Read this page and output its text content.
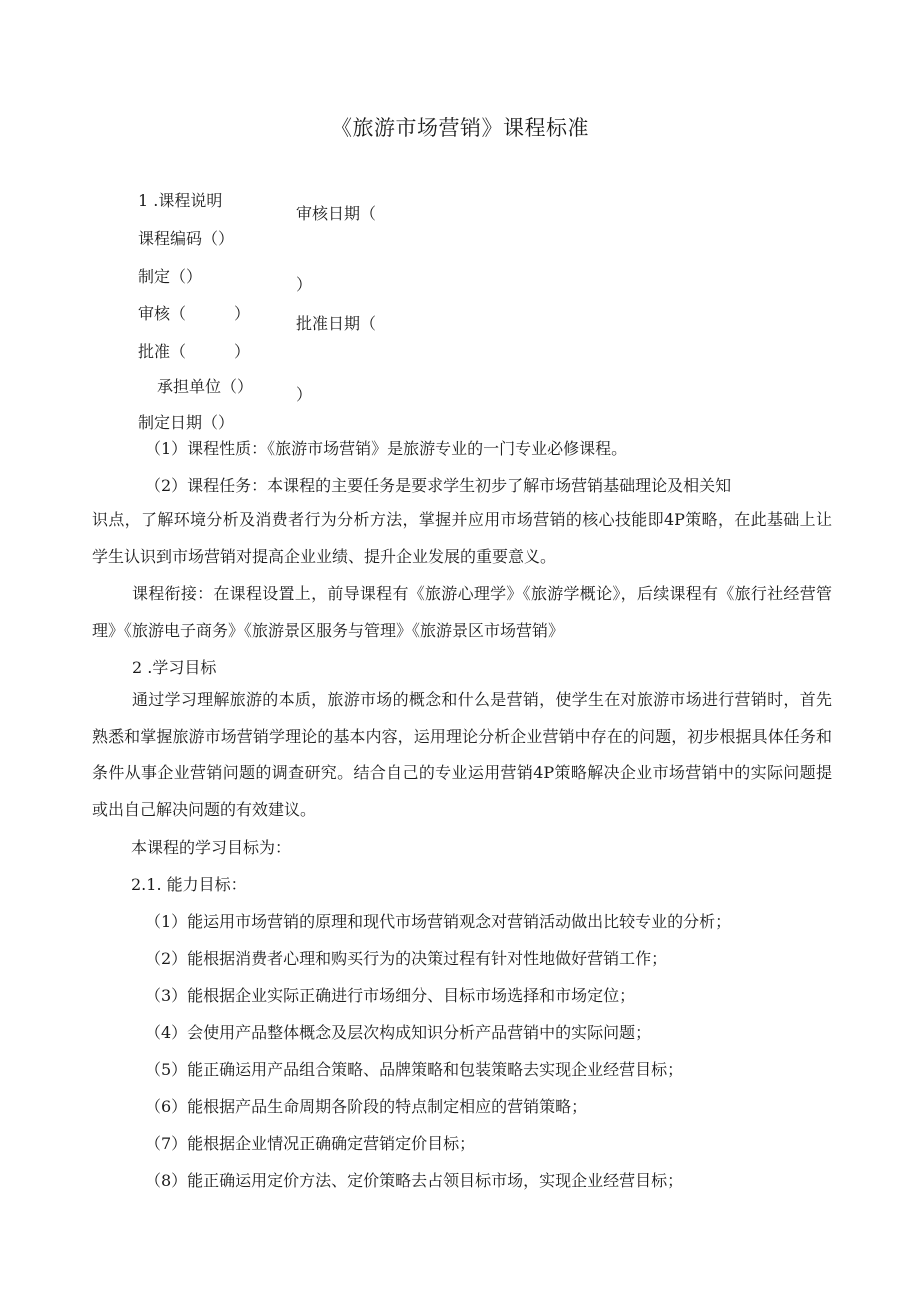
《旅游市场营销》课程标准
1 .课程说明
课程编码（）
制定（）
审核（　　　）
批准（　　　）
承担单位（）
制定日期（）
审核日期（
）
批准日期（
）
（1）课程性质：《旅游市场营销》是旅游专业的一门专业必修课程。
（2）课程任务：本课程的主要任务是要求学生初步了解市场营销基础理论及相关知
识点，了解环境分析及消费者行为分析方法，掌握并应用市场营销的核心技能即4P策略，在此基础上让学生认识到市场营销对提高企业业绩、提升企业发展的重要意义。
课程衔接：在课程设置上，前导课程有《旅游心理学》《旅游学概论》，后续课程有《旅行社经营管理》《旅游电子商务》《旅游景区服务与管理》《旅游景区市场营销》
2 .学习目标
通过学习理解旅游的本质，旅游市场的概念和什么是营销，使学生在对旅游市场进行营销时，首先熟悉和掌握旅游市场营销学理论的基本内容，运用理论分析企业营销中存在的问题，初步根据具体任务和条件从事企业营销问题的调查研究。结合自己的专业运用营销4P策略解决企业市场营销中的实际问题提或出自己解决问题的有效建议。
本课程的学习目标为：
2.1. 能力目标：
（1）能运用市场营销的原理和现代市场营销观念对营销活动做出比较专业的分析；
（2）能根据消费者心理和购买行为的决策过程有针对性地做好营销工作；
（3）能根据企业实际正确进行市场细分、目标市场选择和市场定位；
（4）会使用产品整体概念及层次构成知识分析产品营销中的实际问题；
（5）能正确运用产品组合策略、品牌策略和包装策略去实现企业经营目标；
（6）能根据产品生命周期各阶段的特点制定相应的营销策略；
（7）能根据企业情况正确确定营销定价目标；
（8）能正确运用定价方法、定价策略去占领目标市场，实现企业经营目标；
